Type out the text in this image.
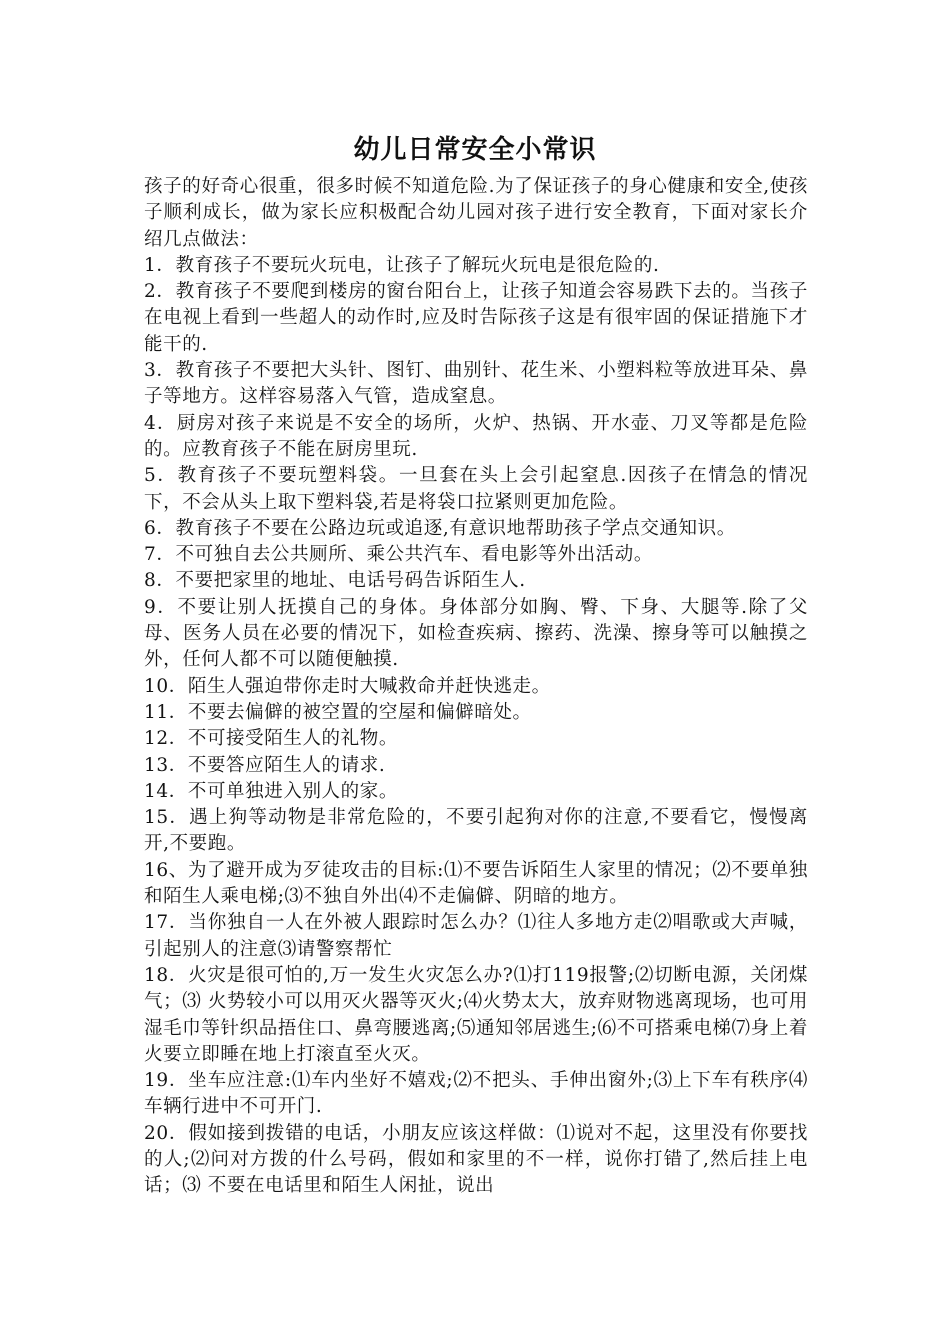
幼儿日常安全小常识

孩子的好奇心很重，很多时候不知道危险.为了保证孩子的身心健康和安全,使孩子顺利成长，做为家长应积极配合幼儿园对孩子进行安全教育，下面对家长介绍几点做法：

1．教育孩子不要玩火玩电，让孩子了解玩火玩电是很危险的.

2．教育孩子不要爬到楼房的窗台阳台上，让孩子知道会容易跌下去的。当孩子在电视上看到一些超人的动作时,应及时告际孩子这是有很牢固的保证措施下才能干的.

3．教育孩子不要把大头针、图钉、曲别针、花生米、小塑料粒等放进耳朵、鼻子等地方。这样容易落入气管，造成窒息。

4．厨房对孩子来说是不安全的场所，火炉、热锅、开水壶、刀叉等都是危险的。应教育孩子不能在厨房里玩.

5．教育孩子不要玩塑料袋。一旦套在头上会引起窒息.因孩子在情急的情况下，不会从头上取下塑料袋,若是将袋口拉紧则更加危险。

6．教育孩子不要在公路边玩或追逐,有意识地帮助孩子学点交通知识。

7．不可独自去公共厕所、乘公共汽车、看电影等外出活动。

8．不要把家里的地址、电话号码告诉陌生人.

9．不要让别人抚摸自己的身体。身体部分如胸、臀、下身、大腿等.除了父母、医务人员在必要的情况下，如检查疾病、擦药、洗澡、擦身等可以触摸之外，任何人都不可以随便触摸.

10．陌生人强迫带你走时大喊救命并赶快逃走。

11．不要去偏僻的被空置的空屋和偏僻暗处。

12．不可接受陌生人的礼物。

13．不要答应陌生人的请求.

14．不可单独进入别人的家。

15．遇上狗等动物是非常危险的，不要引起狗对你的注意,不要看它，慢慢离开,不要跑。

16、为了避开成为歹徒攻击的目标:⑴不要告诉陌生人家里的情况；⑵不要单独和陌生人乘电梯;⑶不独自外出⑷不走偏僻、阴暗的地方。

17．当你独自一人在外被人跟踪时怎么办？⑴往人多地方走⑵唱歌或大声喊，引起别人的注意⑶请警察帮忙

18．火灾是很可怕的,万一发生火灾怎么办?⑴打119报警;⑵切断电源，关闭煤气；⑶ 火势较小可以用灭火器等灭火;⑷火势太大，放弃财物逃离现场，也可用湿毛巾等针织品捂住口、鼻弯腰逃离;⑸通知邻居逃生;⑹不可搭乘电梯⑺身上着火要立即睡在地上打滚直至火灭。

19．坐车应注意:⑴车内坐好不嬉戏;⑵不把头、手伸出窗外;⑶上下车有秩序⑷车辆行进中不可开门.

20．假如接到拨错的电话，小朋友应该这样做：⑴说对不起，这里没有你要找的人;⑵问对方拨的什么号码，假如和家里的不一样，说你打错了,然后挂上电话；⑶ 不要在电话里和陌生人闲扯，说出
